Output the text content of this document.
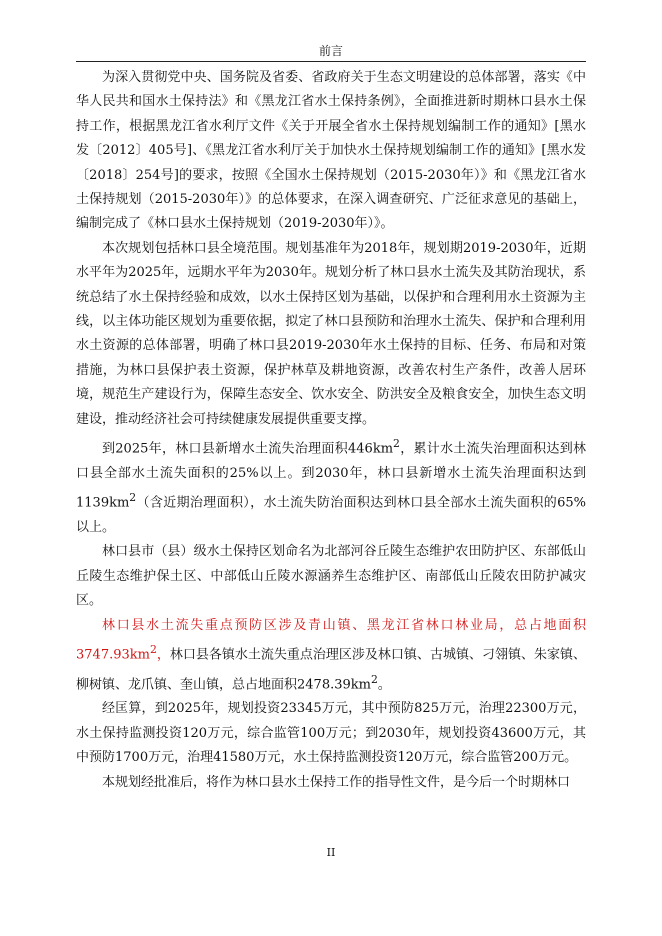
前言

为深入贯彻党中央、国务院及省委、省政府关于生态文明建设的总体部署，落实《中华人民共和国水土保持法》和《黑龙江省水土保持条例》，全面推进新时期林口县水土保持工作，根据黑龙江省水利厅文件《关于开展全省水土保持规划编制工作的通知》[黑水发〔2012〕405号]、《黑龙江省水利厅关于加快水土保持规划编制工作的通知》[黑水发〔2018〕254号]的要求，按照《全国水土保持规划（2015-2030年）》和《黑龙江省水土保持规划（2015-2030年）》的总体要求，在深入调查研究、广泛征求意见的基础上，编制完成了《林口县水土保持规划（2019-2030年）》。

本次规划包括林口县全境范围。规划基准年为2018年，规划期2019-2030年，近期水平年为2025年，远期水平年为2030年。规划分析了林口县水土流失及其防治现状，系统总结了水土保持经验和成效，以水土保持区划为基础，以保护和合理利用水土资源为主线，以主体功能区规划为重要依据，拟定了林口县预防和治理水土流失、保护和合理利用水土资源的总体部署，明确了林口县2019-2030年水土保持的目标、任务、布局和对策措施，为林口县保护表土资源，保护林草及耕地资源，改善农村生产条件，改善人居环境，规范生产建设行为，保障生态安全、饮水安全、防洪安全及粮食安全，加快生态文明建设，推动经济社会可持续健康发展提供重要支撑。

到2025年，林口县新增水土流失治理面积$446km^2$，累计水土流失治理面积达到林口县全部水土流失面积的25%以上。到2030年，林口县新增水土流失治理面积达到$1139km^2$（含近期治理面积），水土流失防治面积达到林口县全部水土流失面积的65%以上。

林口县市（县）级水土保持区划命名为北部河谷丘陵生态维护农田防护区、东部低山丘陵生态维护保土区、中部低山丘陵水源涵养生态维护区、南部低山丘陵农田防护减灾区。

林口县水土流失重点预防区涉及青山镇、黑龙江省林口林业局，总占地面积$3747.93km^2$，林口县各镇水土流失重点治理区涉及林口镇、古城镇、刁翎镇、朱家镇、柳树镇、龙爪镇、奎山镇，总占地面积$2478.39km^2$。

经匡算，到2025年，规划投资23345万元，其中预防825万元，治理22300万元，水土保持监测投资120万元，综合监管100万元；到2030年，规划投资43600万元，其中预防1700万元，治理41580万元，水土保持监测投资120万元，综合监管200万元。

本规划经批准后，将作为林口县水土保持工作的指导性文件，是今后一个时期林口

II
